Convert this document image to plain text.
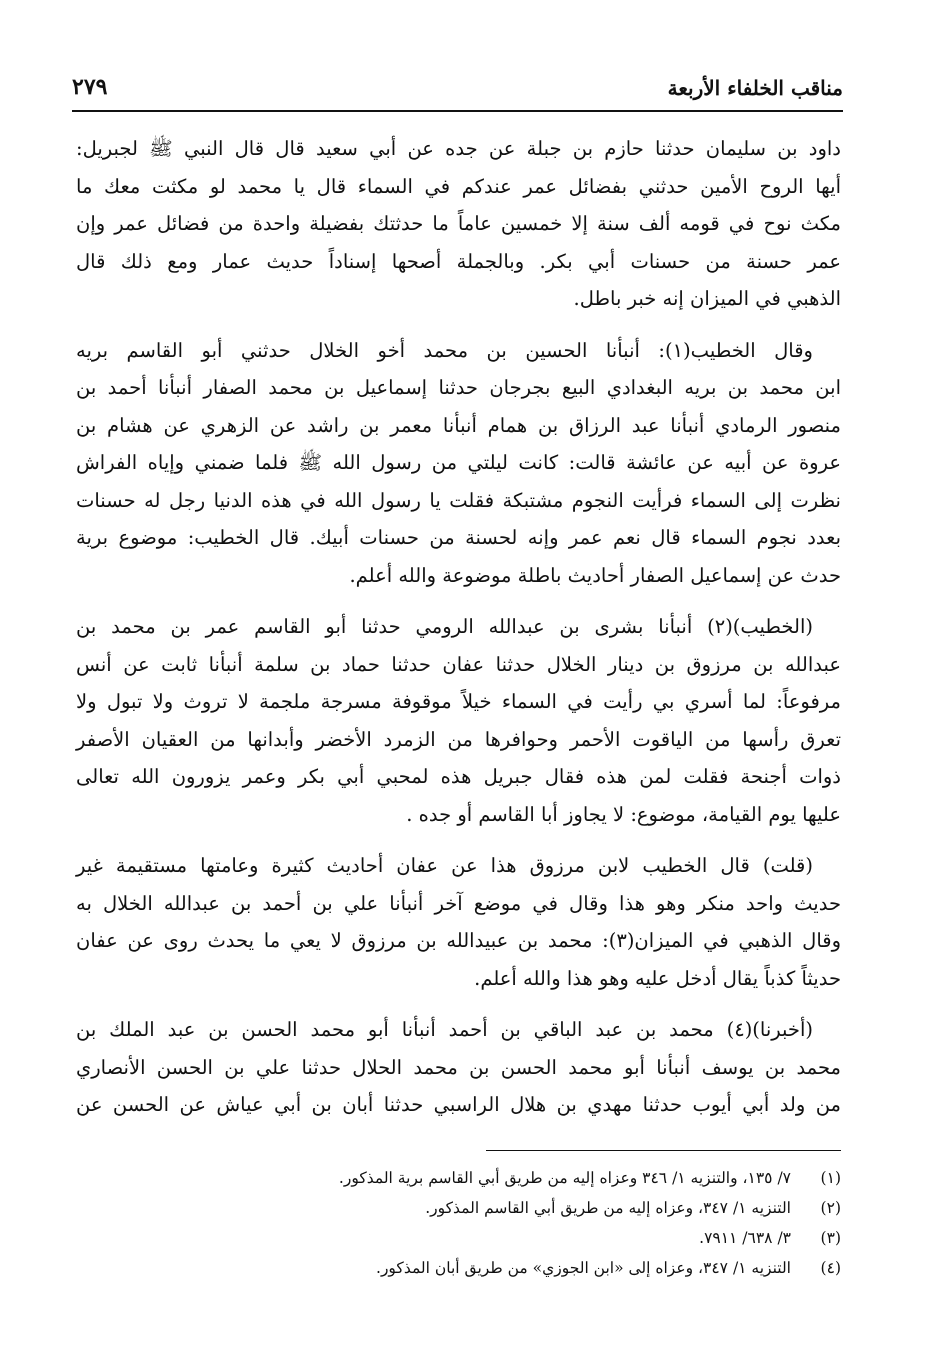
مناقب الخلفاء الأربعة
٢٧٩

داود بن سليمان حدثنا حازم بن جبلة عن جده عن أبي سعيد قال قال النبي ﷺ لجبريل:
أيها الروح الأمين حدثني بفضائل عمر عندكم في السماء قال يا محمد لو مكثت معك ما
مكث نوح في قومه ألف سنة إلا خمسين عاماً ما حدثتك بفضيلة واحدة من فضائل عمر وإن
عمر حسنة من حسنات أبي بكر. وبالجملة أصحها إسناداً حديث عمار ومع ذلك قال
الذهبي في الميزان إنه خبر باطل.

وقال الخطيب(١): أنبأنا الحسين بن محمد أخو الخلال حدثني أبو القاسم بريه
ابن محمد بن بريه البغدادي البيع بجرجان حدثنا إسماعيل بن محمد الصفار أنبأنا أحمد بن
منصور الرمادي أنبأنا عبد الرزاق بن همام أنبأنا معمر بن راشد عن الزهري عن هشام بن
عروة عن أبيه عن عائشة قالت: كانت ليلتي من رسول الله ﷺ فلما ضمني وإياه الفراش
نظرت إلى السماء فرأيت النجوم مشتبكة فقلت يا رسول الله في هذه الدنيا رجل له حسنات
بعدد نجوم السماء قال نعم عمر وإنه لحسنة من حسنات أبيك. قال الخطيب: موضوع برية
حدث عن إسماعيل الصفار أحاديث باطلة موضوعة والله أعلم.

(الخطيب)(٢) أنبأنا بشرى بن عبدالله الرومي حدثنا أبو القاسم عمر بن محمد بن
عبدالله بن مرزوق بن دينار الخلال حدثنا عفان حدثنا حماد بن سلمة أنبأنا ثابت عن أنس
مرفوعاً: لما أسري بي رأيت في السماء خيلاً موقوفة مسرجة ملجمة لا تروث ولا تبول ولا
تعرق رأسها من الياقوت الأحمر وحوافرها من الزمرد الأخضر وأبدانها من العقيان الأصفر
ذوات أجنحة فقلت لمن هذه فقال جبريل هذه لمحبي أبي بكر وعمر يزورون الله تعالى
عليها يوم القيامة، موضوع: لا يجاوز أبا القاسم أو جده .

(قلت) قال الخطيب لابن مرزوق هذا عن عفان أحاديث كثيرة وعامتها مستقيمة غير
حديث واحد منكر وهو هذا وقال في موضع آخر أنبأنا علي بن أحمد بن عبدالله الخلال به
وقال الذهبي في الميزان(٣): محمد بن عبيدالله بن مرزوق لا يعي ما يحدث روى عن عفان
حديثاً كذباً يقال أدخل عليه وهو هذا والله أعلم.

(أخبرنا)(٤) محمد بن عبد الباقي بن أحمد أنبأنا أبو محمد الحسن بن عبد الملك بن
محمد بن يوسف أنبأنا أبو محمد الحسن بن محمد الحلال حدثنا علي بن الحسن الأنصاري
من ولد أبي أيوب حدثنا مهدي بن هلال الراسبي حدثنا أبان بن أبي عياش عن الحسن عن

(١)٧/ ١٣٥، والتنزيه ١/ ٣٤٦ وعزاه إليه من طريق أبي القاسم برية المذكور.
(٢)التنزيه ١/ ٣٤٧، وعزاه إليه من طريق أبي القاسم المذكور.
(٣)٣/ ٦٣٨/ ٧٩١١.
(٤)التنزيه ١/ ٣٤٧، وعزاه إلى «ابن الجوزي» من طريق أبان المذكور.
